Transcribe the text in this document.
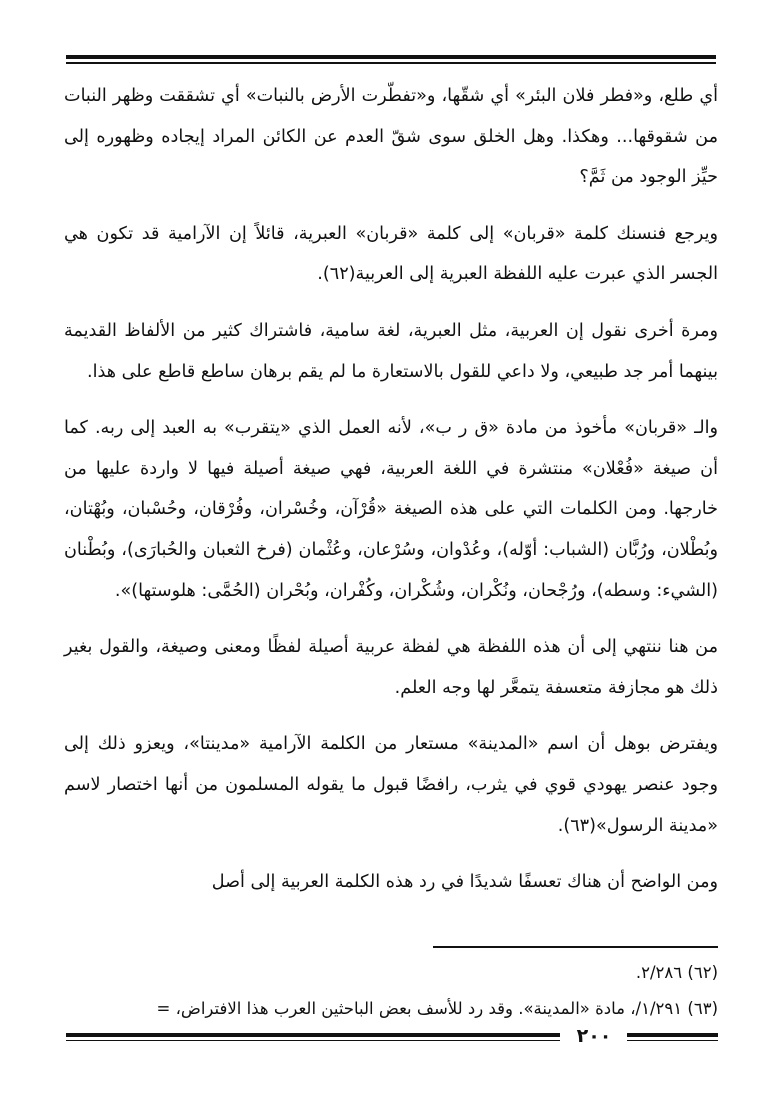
أي طلع، و«فطر فلان البئر» أي شقّها، و«تفطّرت الأرض بالنبات» أي تشققت وظهر النبات من شقوقها... وهكذا. وهل الخلق سوى شقّ العدم عن الكائن المراد إيجاده وظهوره إلى حيِّز الوجود من ثَمَّ؟

ويرجع فنسنك كلمة «قربان» إلى كلمة «قربان» العبرية، قائلاً إن الآرامية قد تكون هي الجسر الذي عبرت عليه اللفظة العبرية إلى العربية(٦٢).

ومرة أخرى نقول إن العربية، مثل العبرية، لغة سامية، فاشتراك كثير من الألفاظ القديمة بينهما أمر جد طبيعي، ولا داعي للقول بالاستعارة ما لم يقم برهان ساطع قاطع على هذا.

والـ «قربان» مأخوذ من مادة «ق ر ب»، لأنه العمل الذي «يتقرب» به العبد إلى ربه. كما أن صيغة «فُعْلان» منتشرة في اللغة العربية، فهي صيغة أصيلة فيها لا واردة عليها من خارجها. ومن الكلمات التي على هذه الصيغة «قُرْآن، وخُسْران، وفُرْقان، وحُسْبان، وبُهْتان، وبُطْلان، ورُبَّان (الشباب: أوّله)، وعُدْوان، وسُرْعان، وعُثْمان (فرخ الثعبان والحُبارَى)، وبُطْنان (الشيء: وسطه)، ورُجْحان، ونُكْران، وشُكْران، وكُفْران، وبُحْران (الحُمَّى: هلوستها)».

من هنا ننتهي إلى أن هذه اللفظة هي لفظة عربية أصيلة لفظًا ومعنى وصيغة، والقول بغير ذلك هو مجازفة متعسفة يتمعَّر لها وجه العلم.

ويفترض بوهل أن اسم «المدينة» مستعار من الكلمة الآرامية «مدينتا»، ويعزو ذلك إلى وجود عنصر يهودي قوي في يثرب، رافضًا قبول ما يقوله المسلمون من أنها اختصار لاسم «مدينة الرسول»(٦٣).

ومن الواضح أن هناك تعسفًا شديدًا في رد هذه الكلمة العربية إلى أصل

(٦٢) ٢/٢٨٦.

(٦٣) ١/٢٩١/، مادة «المدينة». وقد رد للأسف بعض الباحثين العرب هذا الافتراض، =

٢٠٠
